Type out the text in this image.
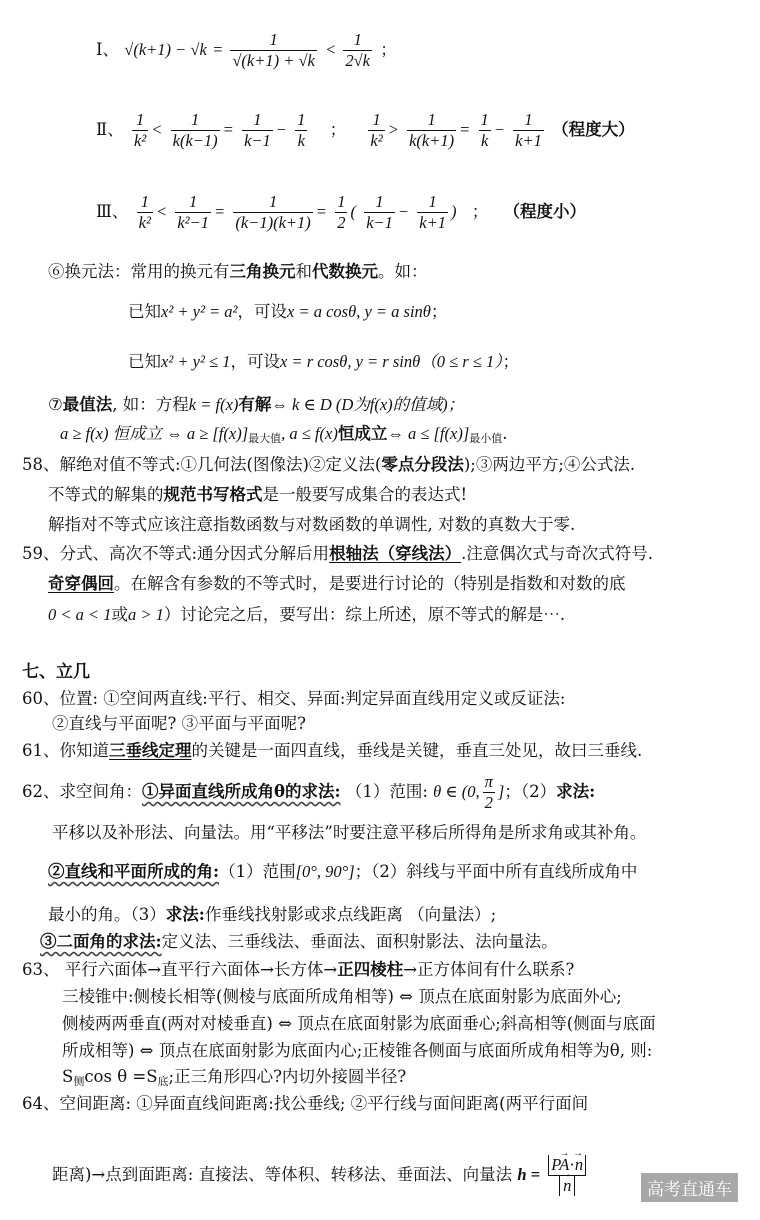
Ⅰ、 $√(k+1) - √k = \frac{1}{√(k+1) + √k} < \frac{1}{2√k}$ ；
Ⅱ、 $\frac{1}{\text{k²}} < \frac{1}{k(k-1)} = \frac{1}{k-1} - \frac{1}{k}$ ； $\frac{1}{\text{k²}} > \frac{1}{k(k+1)} = \frac{1}{k} - \frac{1}{k+1}$ （程度大）
Ⅲ、 $\frac{1}{\text{k²}} < \frac{1}{\text{k²−1}} = \frac{1}{(k-1)(k+1)} = \frac{1}{2}$ ( $\frac{1}{k-1} - \frac{1}{k+1}$ ) ； （程度小）
⑥换元法：常用的换元有三角换元和代数换元。如：
已知x² + y² = a²，可设x = a cosθ, y = a sinθ；
已知x² + y² ≤ 1，可设x = r cosθ, y = r sinθ（0 ≤ r ≤ 1）；
⑦最值法, 如：方程k = f(x)有解⇔ k ∈ D (D为f(x)的值域)；
a ≥ f(x) 恒成立 ⇔ $a \ge [f(x)]_{最大值}$, a ≤ f(x)恒成立⇔ $a \le [f(x)]_{最小值}$.
58、解绝对值不等式:①几何法(图像法)②定义法(零点分段法);③两边平方;④公式法.
不等式的解集的规范书写格式是一般要写成集合的表达式!
解指对不等式应该注意指数函数与对数函数的单调性, 对数的真数大于零.
59、分式、高次不等式:通分因式分解后用根轴法（穿线法）.注意偶次式与奇次式符号.
奇穿偶回。在解含有参数的不等式时，是要进行讨论的（特别是指数和对数的底
0 < a < 1或a > 1）讨论完之后，要写出：综上所述，原不等式的解是⋯.
七、立几
60、位置: ①空间两直线:平行、相交、异面:判定异面直线用定义或反证法:
②直线与平面呢? ③平面与平面呢?
61、你知道三垂线定理的关键是一面四直线，垂线是关键，垂直三处见，故曰三垂线.
62、求空间角：①异面直线所成角θ的求法: （1）范围: θ ∈ (0, $\frac{\pi}{2}$ ]；（2）求法:
平移以及补形法、向量法。用“平移法”时要注意平移后所得角是所求角或其补角。
②直线和平面所成的角:（1）范围[0°, 90°]；（2）斜线与平面中所有直线所成角中
最小的角。（3）求法:作垂线找射影或求点线距离 （向量法）;
③二面角的求法:定义法、三垂线法、垂面法、面积射影法、法向量法。
63、 平行六面体→直平行六面体→长方体→正四棱柱→正方体间有什么联系?
三棱锥中:侧棱长相等(侧棱与底面所成角相等) ⇔ 顶点在底面射影为底面外心;
侧棱两两垂直(两对对棱垂直) ⇔ 顶点在底面射影为底面垂心;斜高相等(侧面与底面
所成相等) ⇔ 顶点在底面射影为底面内心;正棱锥各侧面与底面所成角相等为θ, 则:
$S_侧\cos$ $\theta =S_底$;正三角形四心?内切外接圆半径?
64、空间距离: ①异面直线间距离:找公垂线; ②平行线与面间距离(两平行面间
距离)→点到面距离: 直接法、等体积、转移法、垂面法、向量法 h = → PA·→ n
→ n	高考直通车
